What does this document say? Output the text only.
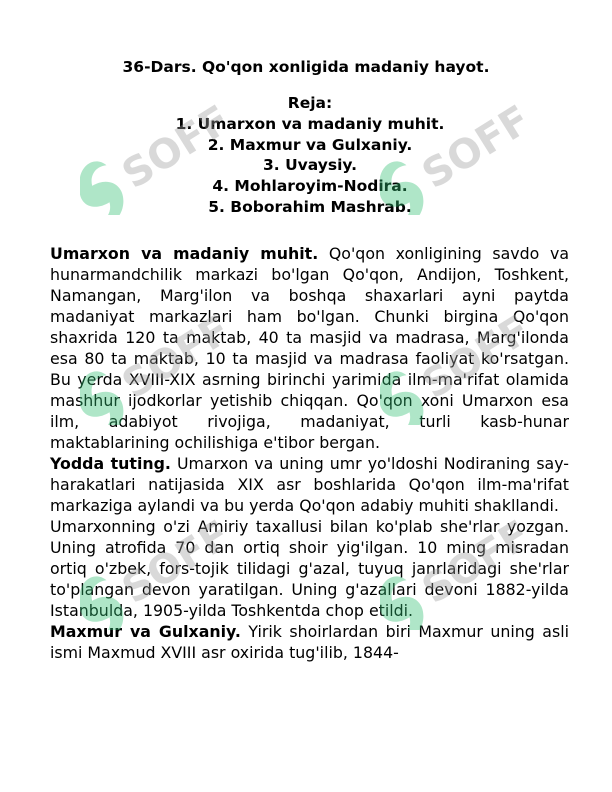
36-Dars. Qo'qon xonligida madaniy hayot.
Reja:
1. Umarxon va madaniy muhit.
2. Maxmur va Gulxaniy.
3. Uvaysiy.
4. Mohlaroyim-Nodira.
5. Boborahim Mashrab.

Umarxon va madaniy muhit. Qo'qon xonligining savdo va hunarmandchilik markazi bo'lgan Qo'qon, Andijon, Toshkent, Namangan, Marg'ilon va boshqa shaxarlari ayni paytda madaniyat markazlari ham bo'lgan. Chunki birgina Qo'qon shaxrida 120 ta maktab, 40 ta masjid va madrasa, Marg'ilonda esa 80 ta maktab, 10 ta masjid va madrasa faoliyat ko'rsatgan. Bu yerda XVIII-XIX asrning birinchi yarimida ilm-ma'rifat olamida mashhur ijodkorlar yetishib chiqqan. Qo'qon xoni Umarxon esa ilm, adabiyot rivojiga, madaniyat, turli kasb-hunar maktablarining ochilishiga e'tibor bergan.

Yodda tuting. Umarxon va uning umr yo'ldoshi Nodiraning say-harakatlari natijasida XIX asr boshlarida Qo'qon ilm-ma'rifat markaziga aylandi va bu yerda Qo'qon adabiy muhiti shakllandi.

Umarxonning o'zi Amiriy taxallusi bilan ko'plab she'rlar yozgan. Uning atrofida 70 dan ortiq shoir yig'ilgan. 10 ming misradan ortiq o'zbek, fors-tojik tilidagi g'azal, tuyuq janrlaridagi she'rlar to'plangan devon yaratilgan. Uning g'azallari devoni 1882-yilda Istanbulda, 1905-yilda Toshkentda chop etildi.

Maxmur va Gulxaniy. Yirik shoirlardan biri Maxmur uning asli ismi Maxmud XVIII asr oxirida tug'ilib, 1844-

SOFF	SOFF
SOFF	SOFF
SOFF	SOFF
